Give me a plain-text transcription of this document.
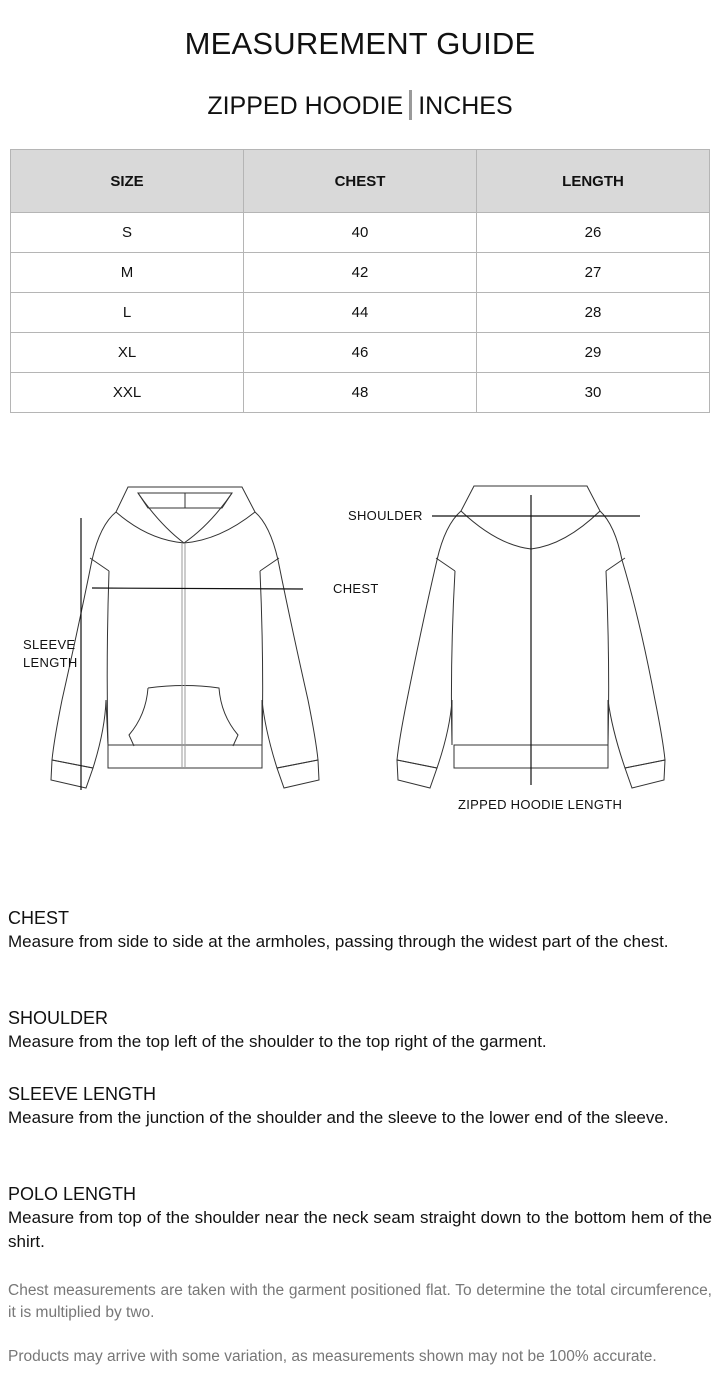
MEASUREMENT GUIDE
ZIPPED HOODIE INCHES
SIZE	CHEST	LENGTH
S	40	26
M	42	27
L	44	28
XL	46	29
XXL	48	30
SLEEVE
LENGTH
CHEST
SHOULDER
ZIPPED HOODIE LENGTH
CHEST
Measure from side to side at the armholes, passing through the widest part of the chest.
SHOULDER
Measure from the top left of the shoulder to the top right of the garment.
SLEEVE LENGTH
Measure from the junction of the shoulder and the sleeve to the lower end of the sleeve.
POLO LENGTH
Measure from top of the shoulder near the neck seam straight down to the bottom hem of the shirt.
Chest measurements are taken with the garment positioned flat. To determine the total circumference, it is multiplied by two.
Products may arrive with some variation, as measurements shown may not be 100% accurate.
